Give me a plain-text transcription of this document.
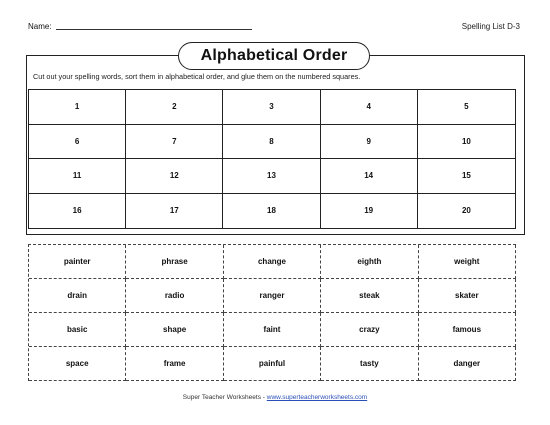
Name:	Spelling List D-3
Alphabetical Order
Cut out your spelling words, sort them in alphabetical order, and glue them on the numbered squares.
1	2	3	4	5
6	7	8	9	10
11	12	13	14	15
16	17	18	19	20
painter	phrase	change	eighth	weight
drain	radio	ranger	steak	skater
basic	shape	faint	crazy	famous
space	frame	painful	tasty	danger
Super Teacher Worksheets - www.superteacherworksheets.com
